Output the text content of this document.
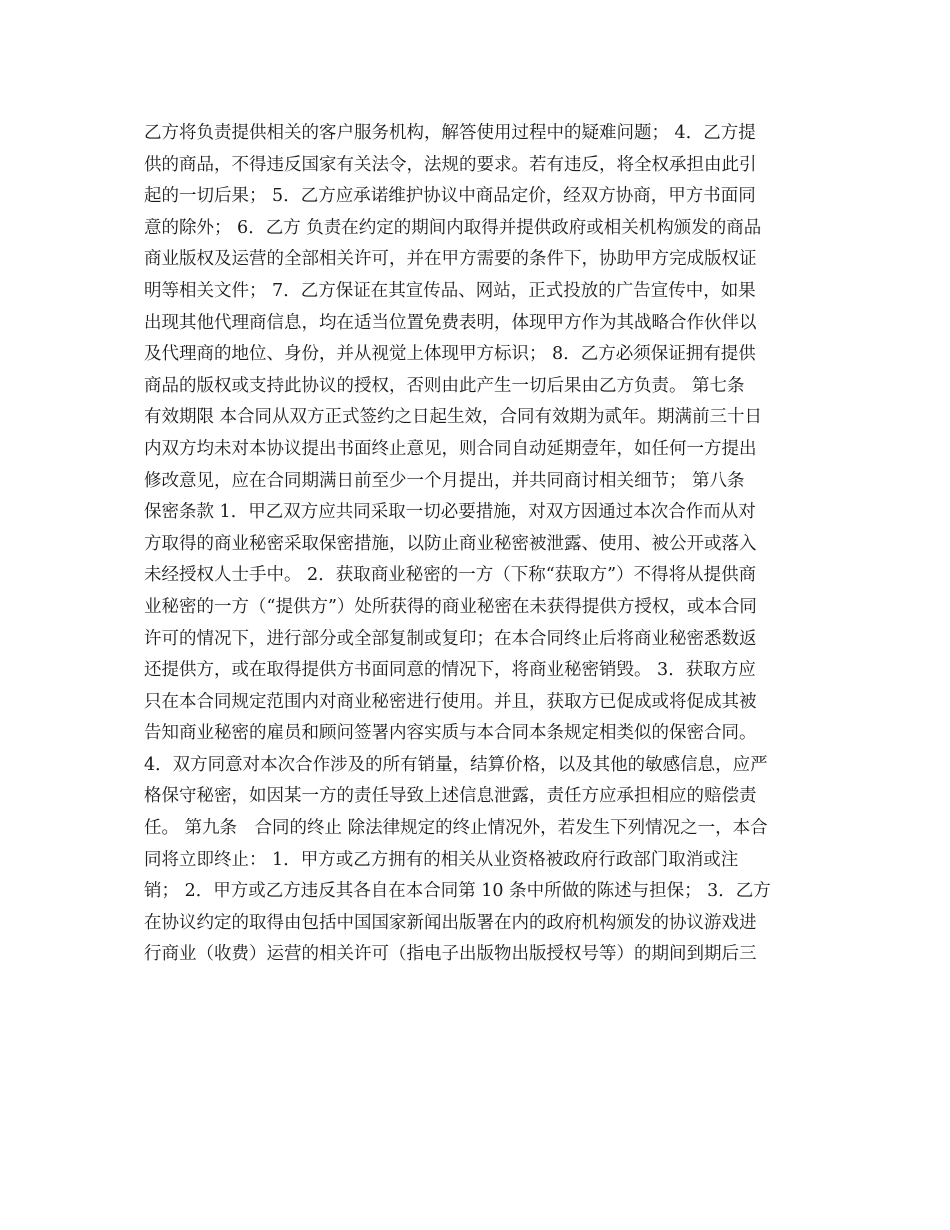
乙方将负责提供相关的客户服务机构，解答使用过程中的疑难问题； 4．乙方提
供的商品，不得违反国家有关法令，法规的要求。若有违反，将全权承担由此引
起的一切后果； 5．乙方应承诺维护协议中商品定价，经双方协商，甲方书面同
意的除外； 6．乙方 负责在约定的期间内取得并提供政府或相关机构颁发的商品
商业版权及运营的全部相关许可，并在甲方需要的条件下，协助甲方完成版权证
明等相关文件； 7．乙方保证在其宣传品、网站，正式投放的广告宣传中，如果
出现其他代理商信息，均在适当位置免费表明，体现甲方作为其战略合作伙伴以
及代理商的地位、身份，并从视觉上体现甲方标识； 8．乙方必须保证拥有提供
商品的版权或支持此协议的授权，否则由此产生一切后果由乙方负责。 第七条
有效期限 本合同从双方正式签约之日起生效，合同有效期为贰年。期满前三十日
内双方均未对本协议提出书面终止意见，则合同自动延期壹年，如任何一方提出
修改意见，应在合同期满日前至少一个月提出，并共同商讨相关细节； 第八条
保密条款 1．甲乙双方应共同采取一切必要措施，对双方因通过本次合作而从对
方取得的商业秘密采取保密措施，以防止商业秘密被泄露、使用、被公开或落入
未经授权人士手中。 2．获取商业秘密的一方（下称“获取方”）不得将从提供商
业秘密的一方（“提供方”）处所获得的商业秘密在未获得提供方授权，或本合同
许可的情况下，进行部分或全部复制或复印；在本合同终止后将商业秘密悉数返
还提供方，或在取得提供方书面同意的情况下，将商业秘密销毁。 3．获取方应
只在本合同规定范围内对商业秘密进行使用。并且，获取方已促成或将促成其被
告知商业秘密的雇员和顾问签署内容实质与本合同本条规定相类似的保密合同。
4．双方同意对本次合作涉及的所有销量，结算价格，以及其他的敏感信息，应严
格保守秘密，如因某一方的责任导致上述信息泄露，责任方应承担相应的赔偿责
任。 第九条　合同的终止 除法律规定的终止情况外，若发生下列情况之一，本合
同将立即终止： 1．甲方或乙方拥有的相关从业资格被政府行政部门取消或注
销； 2．甲方或乙方违反其各自在本合同第 10 条中所做的陈述与担保； 3．乙方
在协议约定的取得由包括中国国家新闻出版署在内的政府机构颁发的协议游戏进
行商业（收费）运营的相关许可（指电子出版物出版授权号等）的期间到期后三
